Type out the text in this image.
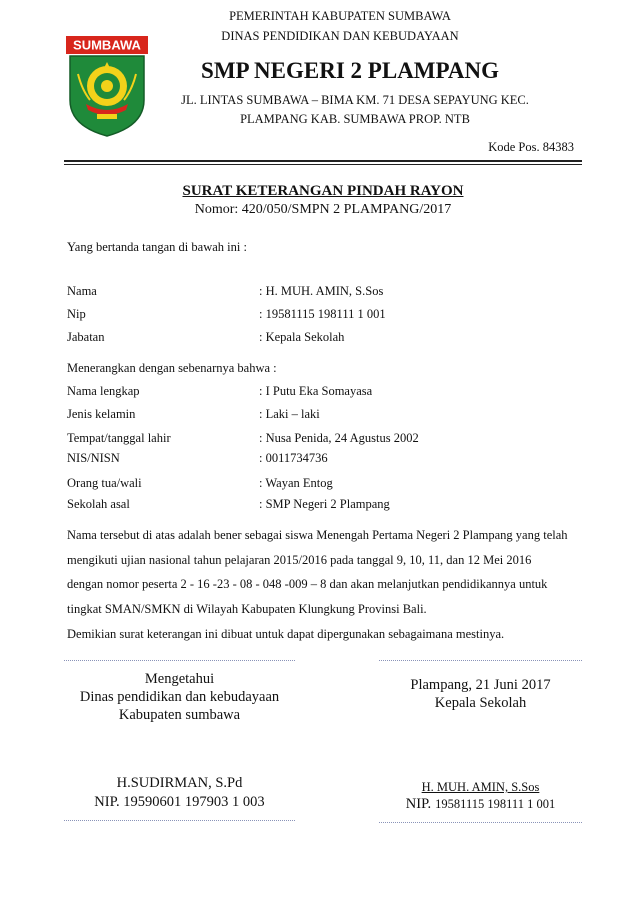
SUMBAWA
PEMERINTAH KABUPATEN SUMBAWA
DINAS PENDIDIKAN DAN KEBUDAYAAN
SMP NEGERI 2 PLAMPANG
JL. LINTAS SUMBAWA – BIMA KM. 71 DESA SEPAYUNG KEC.
PLAMPANG KAB. SUMBAWA PROP. NTB
Kode Pos. 84383
SURAT KETERANGAN PINDAH RAYON
Nomor: 420/050/SMPN 2 PLAMPANG/2017
Yang bertanda tangan di bawah ini :
Nama	: H. MUH. AMIN, S.Sos
Nip	: 19581115 198111 1 001
Jabatan	: Kepala Sekolah
Menerangkan dengan sebenarnya bahwa :
Nama lengkap	: I Putu Eka Somayasa
Jenis kelamin	: Laki – laki
Tempat/tanggal lahir	: Nusa Penida, 24 Agustus 2002
NIS/NISN	: 0011734736
Orang tua/wali	: Wayan Entog
Sekolah asal	: SMP Negeri 2 Plampang
Nama tersebut di atas adalah bener sebagai siswa Menengah Pertama Negeri 2 Plampang yang telah
mengikuti ujian nasional tahun pelajaran 2015/2016 pada tanggal 9, 10, 11, dan 12 Mei 2016
dengan nomor peserta 2 - 16 -23 - 08 - 048 -009 – 8 dan akan melanjutkan pendidikannya untuk
tingkat SMAN/SMKN di Wilayah Kabupaten Klungkung Provinsi Bali.
Demikian surat keterangan ini dibuat untuk dapat dipergunakan sebagaimana mestinya.
Mengetahui
Dinas pendidikan dan kebudayaan
Kabupaten sumbawa
H.SUDIRMAN, S.Pd
NIP. 19590601 197903 1 003
Plampang, 21 Juni 2017
Kepala Sekolah
H. MUH. AMIN, S.Sos
NIP. 19581115 198111 1 001
